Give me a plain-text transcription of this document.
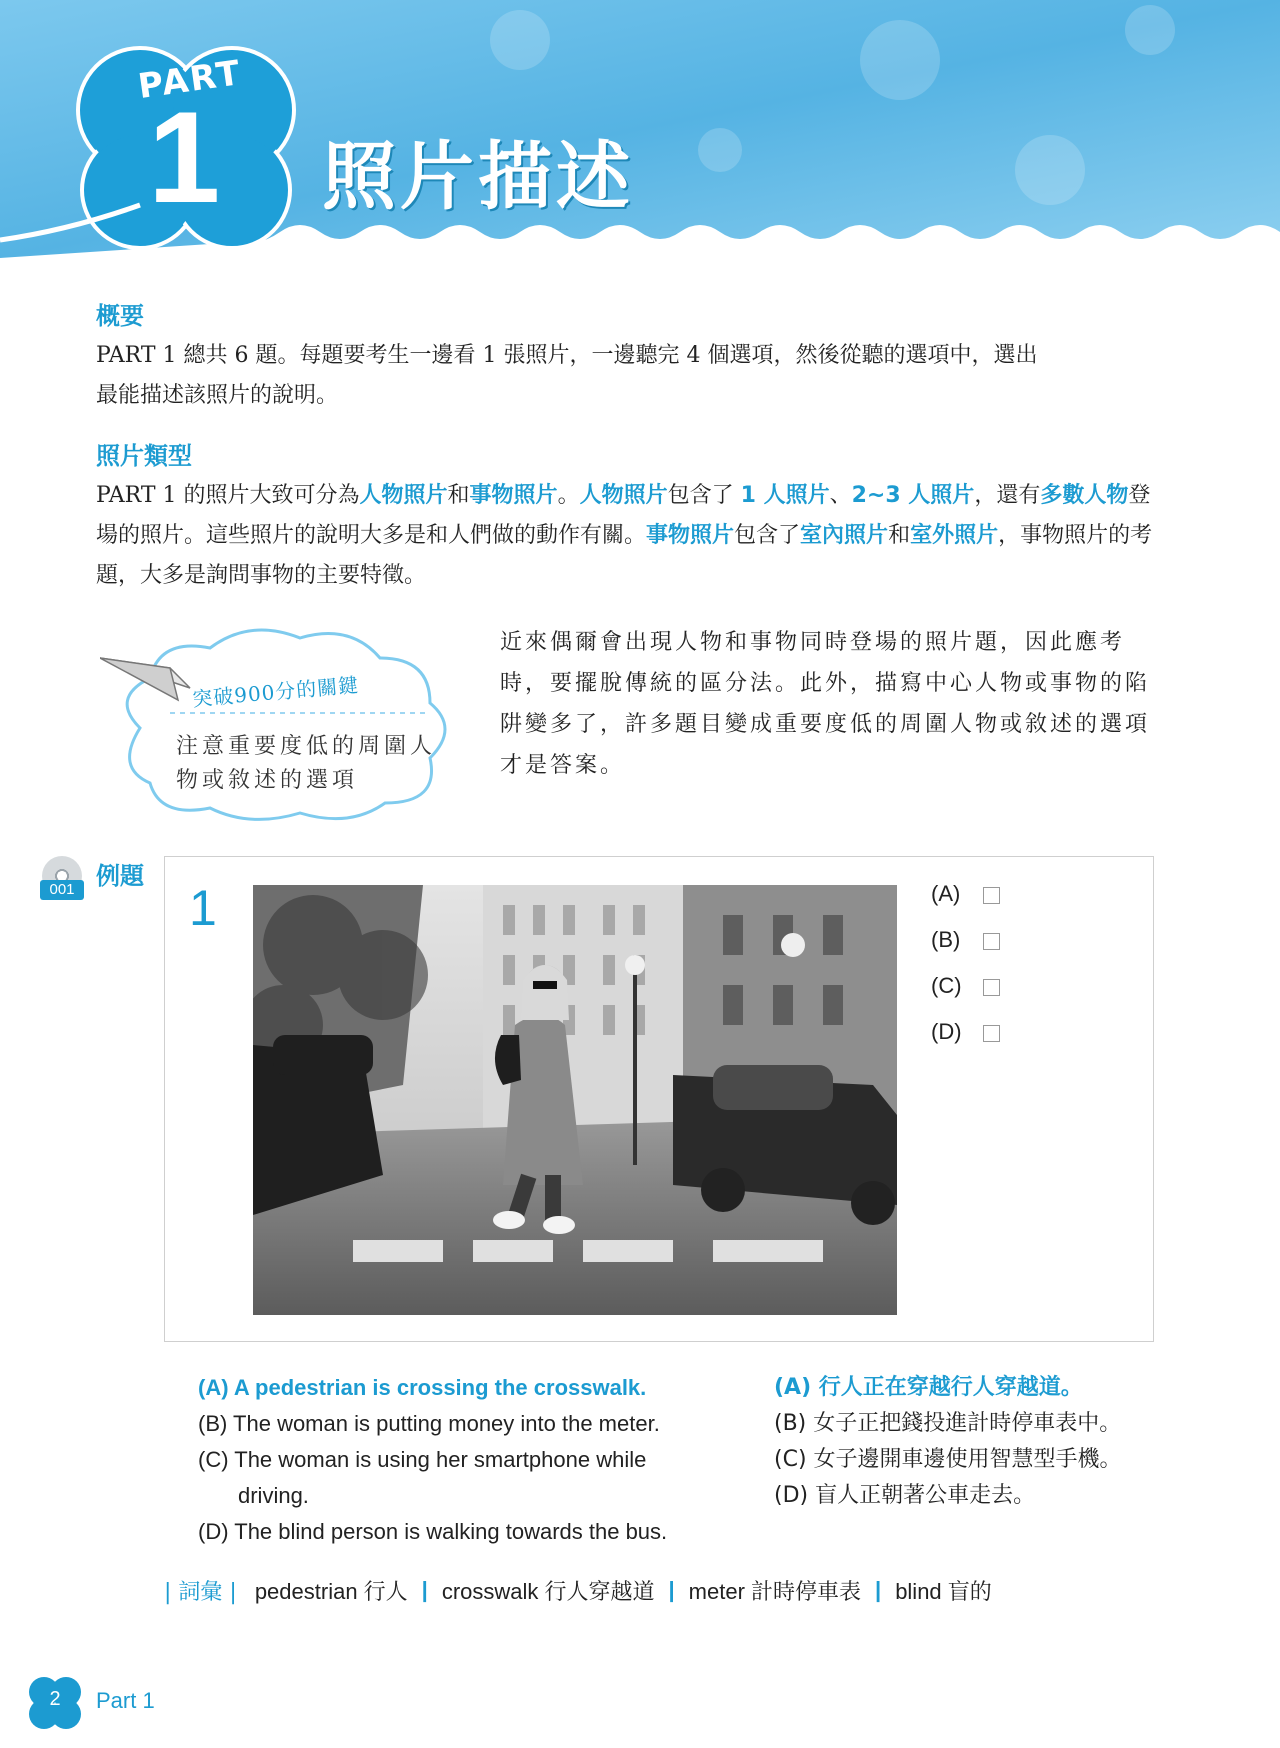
PART
1 照片描述
概要
PART 1 總共 6 題。每題要考生一邊看 1 張照片，一邊聽完 4 個選項，然後從聽的選項中，選出
最能描述該照片的說明。
照片類型
PART 1 的照片大致可分為人物照片和事物照片。人物照片包含了 1 人照片、2~3 人照片，還有多數人物登場的照片。這些照片的說明大多是和人們做的動作有關。事物照片包含了室內照片和室外照片，事物照片的考題，大多是詢問事物的主要特徵。
突破900分的關鍵
注意重要度低的周圍人物或敘述的選項
近來偶爾會出現人物和事物同時登場的照片題，因此應考時，要擺脫傳統的區分法。此外，描寫中心人物或事物的陷阱變多了，許多題目變成重要度低的周圍人物或敘述的選項才是答案。
001 例題
1	(A)
(B)
(C)
(D)
(A) A pedestrian is crossing the crosswalk.
(B) The woman is putting money into the meter.
(C) The woman is using her smartphone while
driving.
(D) The blind person is walking towards the bus.
(A) 行人正在穿越行人穿越道。
(B) 女子正把錢投進計時停車表中。
(C) 女子邊開車邊使用智慧型手機。
(D) 盲人正朝著公車走去。
| 詞彙 | pedestrian 行人 | crosswalk 行人穿越道 | meter 計時停車表 | blind 盲的
2	Part 1
